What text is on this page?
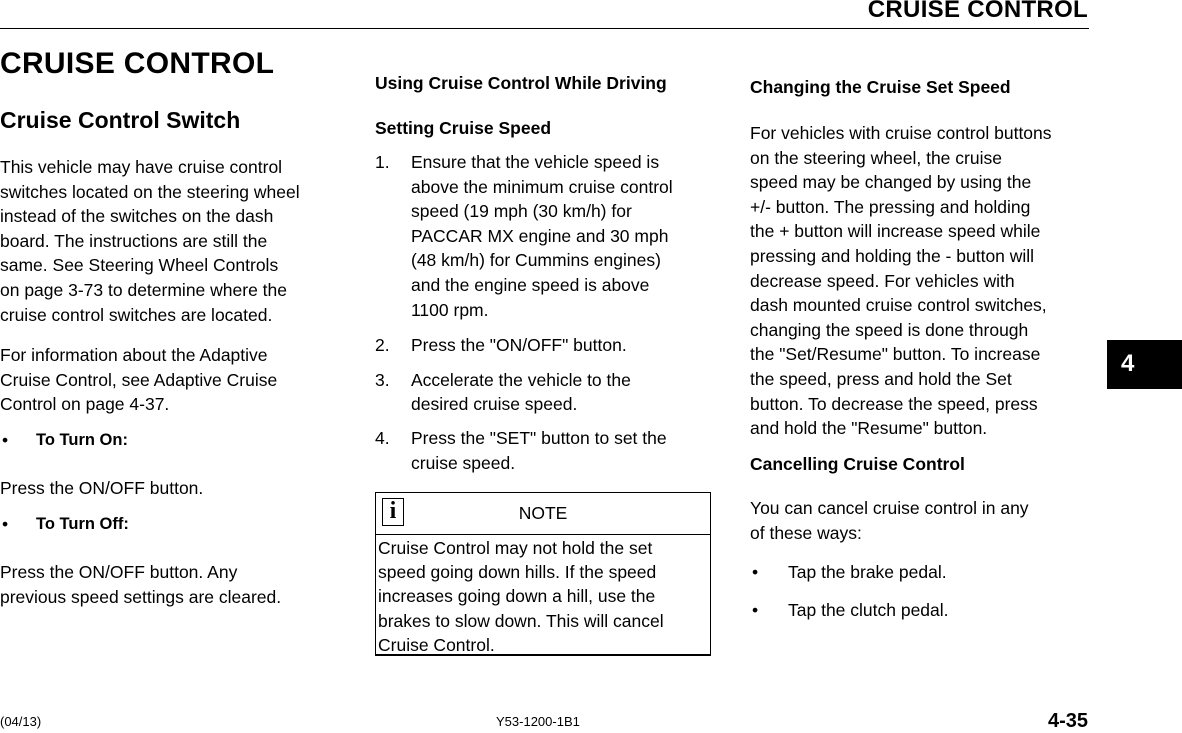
CRUISE CONTROL
CRUISE CONTROL
Cruise Control Switch
This vehicle may have cruise control
switches located on the steering wheel
instead of the switches on the dash
board. The instructions are still the
same. See Steering Wheel Controls
on page 3-73 to determine where the
cruise control switches are located.
For information about the Adaptive
Cruise Control, see Adaptive Cruise
Control on page 4-37.
•	To Turn On:
Press the ON/OFF button.
•	To Turn Off:
Press the ON/OFF button. Any
previous speed settings are cleared.
Using Cruise Control While Driving
Setting Cruise Speed
1.	Ensure that the vehicle speed is
above the minimum cruise control
speed (19 mph (30 km/h) for
PACCAR MX engine and 30 mph
(48 km/h) for Cummins engines)
and the engine speed is above
1100 rpm.
2.	Press the "ON/OFF" button.
3.	Accelerate the vehicle to the
desired cruise speed.
4.	Press the "SET" button to set the
cruise speed.
i	NOTE
Cruise Control may not hold the set
speed going down hills. If the speed
increases going down a hill, use the
brakes to slow down. This will cancel
Cruise Control.
Changing the Cruise Set Speed
For vehicles with cruise control buttons
on the steering wheel, the cruise
speed may be changed by using the
+/- button. The pressing and holding
the + button will increase speed while
pressing and holding the - button will
decrease speed. For vehicles with
dash mounted cruise control switches,
changing the speed is done through
the "Set/Resume" button. To increase
the speed, press and hold the Set
button. To decrease the speed, press
and hold the "Resume" button.
Cancelling Cruise Control
You can cancel cruise control in any
of these ways:
•	Tap the brake pedal.
•	Tap the clutch pedal.
4
(04/13)	Y53-1200-1B1	4-35
